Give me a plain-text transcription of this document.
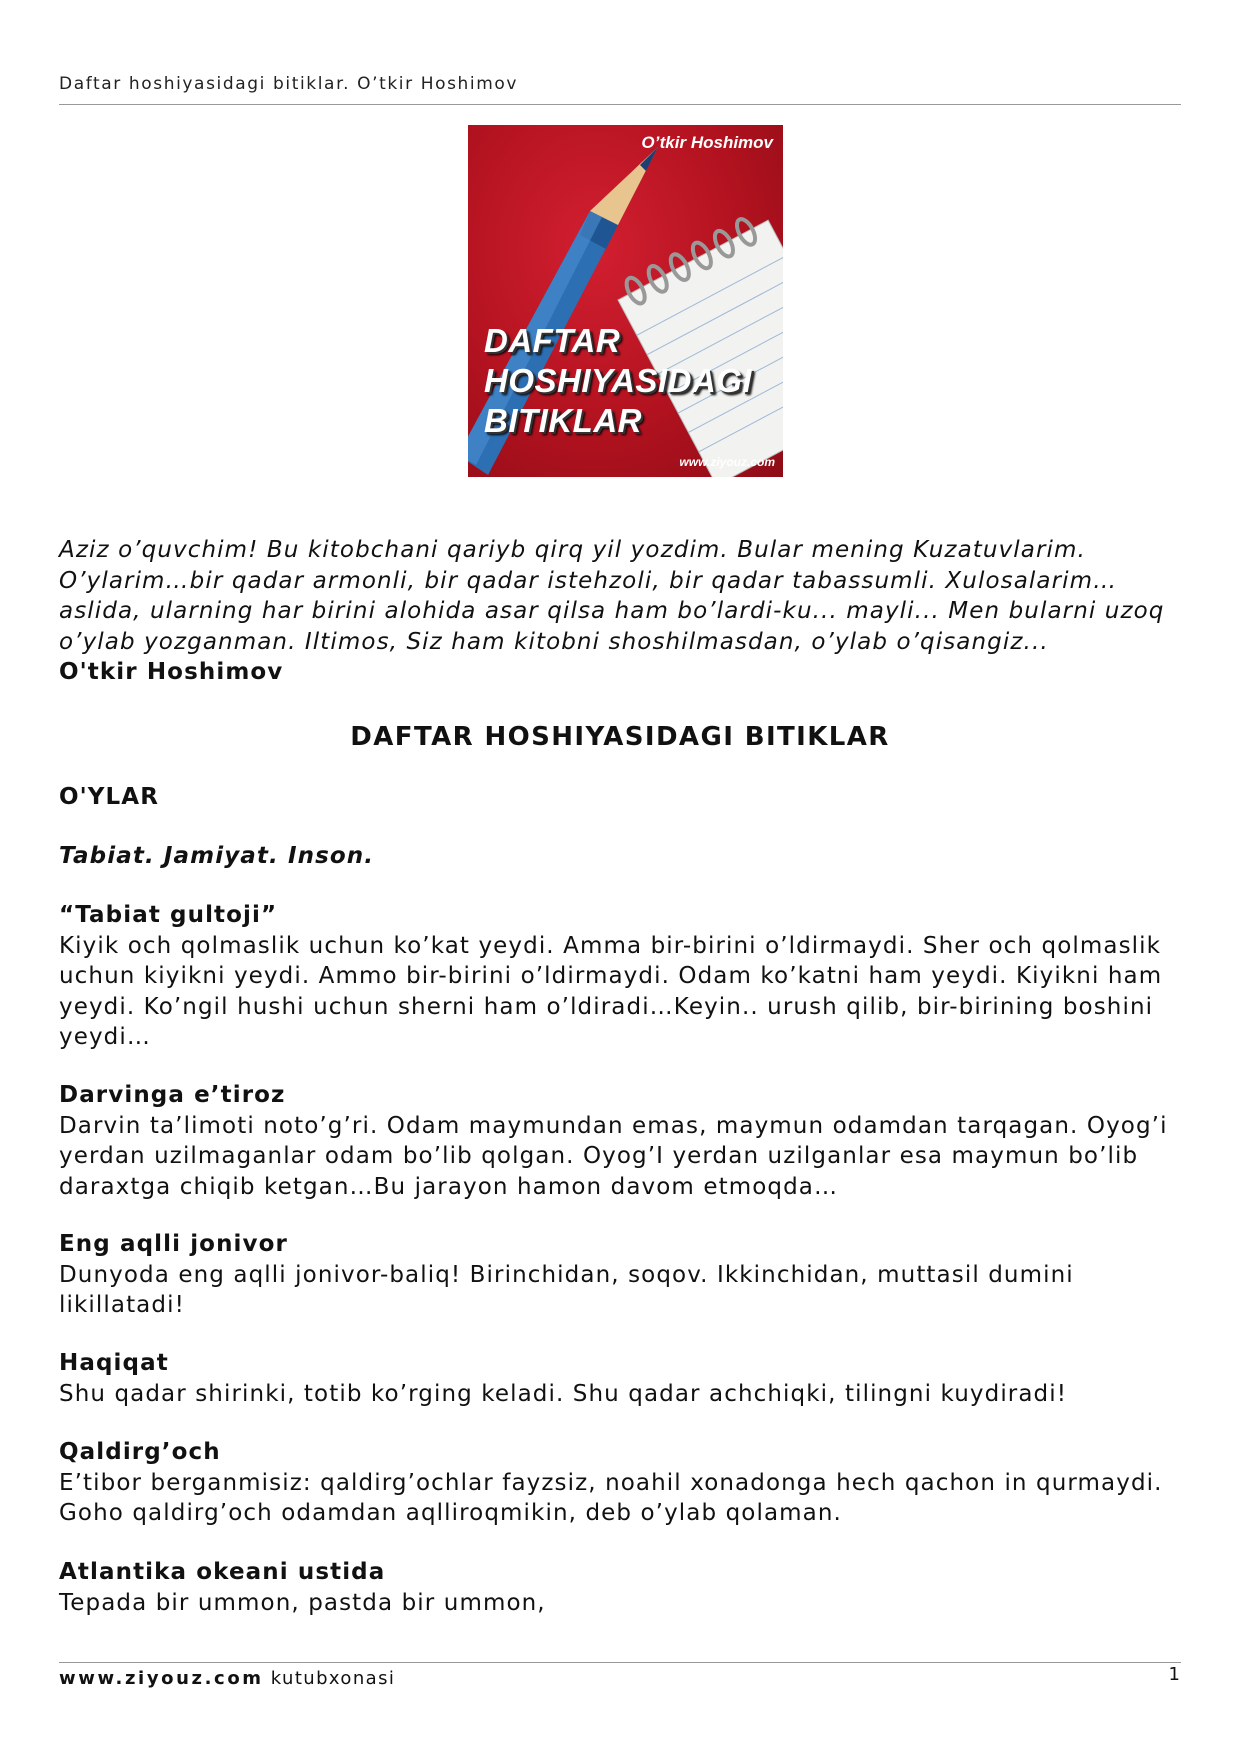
Daftar hoshiyasidagi bitiklar. O’tkir Hoshimov
O’tkir Hoshimov
DAFTAR
HOSHIYASIDAGI
BITIKLAR
www.ziyouz.com
Aziz o’quvchim! Bu kitobchani qariyb qirq yil yozdim. Bular mening Kuzatuvlarim.
O’ylarim…bir qadar armonli, bir qadar istehzoli, bir qadar tabassumli. Xulosalarim…
aslida, ularning har birini alohida asar qilsa ham bo’lardi-ku... mayli... Men bularni uzoq
o’ylab yozganman. Iltimos, Siz ham kitobni shoshilmasdan, o’ylab o’qisangiz...
O'tkir Hoshimov
DAFTAR HOSHIYASIDAGI BITIKLAR
O'YLAR
Tabiat. Jamiyat. Inson.
“Tabiat gultoji”
Kiyik och qolmaslik uchun ko’kat yeydi. Amma bir-birini o’ldirmaydi. Sher och qolmaslik
uchun kiyikni yeydi. Ammo bir-birini o’ldirmaydi. Odam ko’katni ham yeydi. Kiyikni ham
yeydi. Ko’ngil hushi uchun sherni ham o’ldiradi…Keyin.. urush qilib, bir-birining boshini
yeydi…
Darvinga e’tiroz
Darvin ta’limoti noto’g’ri. Odam maymundan emas, maymun odamdan tarqagan. Oyog’i
yerdan uzilmaganlar odam bo’lib qolgan. Oyog’I yerdan uzilganlar esa maymun bo’lib
daraxtga chiqib ketgan…Bu jarayon hamon davom etmoqda…
Eng aqlli jonivor
Dunyoda eng aqlli jonivor-baliq! Birinchidan, soqov. Ikkinchidan, muttasil dumini
likillatadi!
Haqiqat
Shu qadar shirinki, totib ko’rging keladi. Shu qadar achchiqki, tilingni kuydiradi!
Qaldirg’och
E’tibor berganmisiz: qaldirg’ochlar fayzsiz, noahil xonadonga hech qachon in qurmaydi.
Goho qaldirg’och odamdan aqlliroqmikin, deb o’ylab qolaman.
Atlantika okeani ustida
Tepada bir ummon, pastda bir ummon,
www.ziyouz.com kutubxonasi	1
